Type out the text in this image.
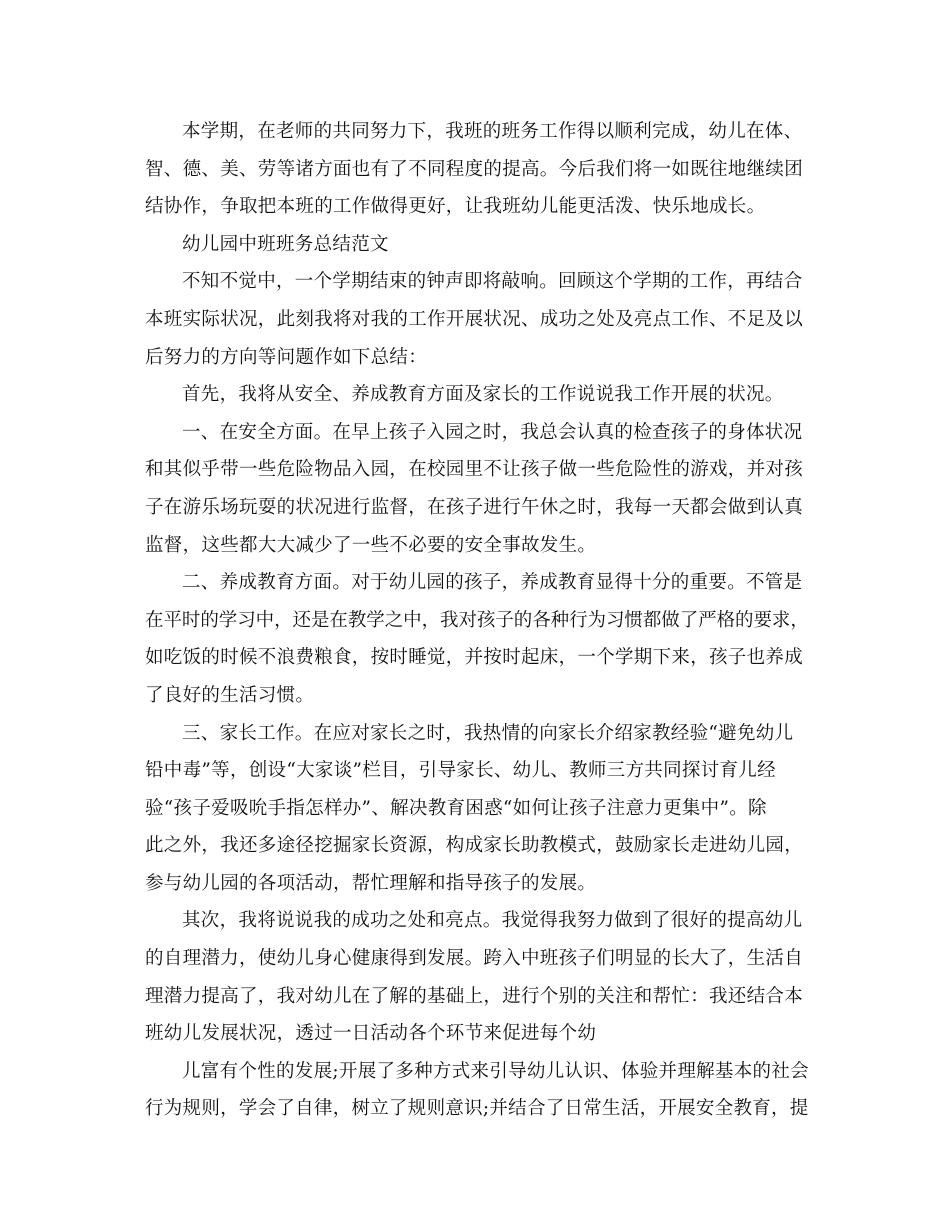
本学期，在老师的共同努力下，我班的班务工作得以顺利完成，幼儿在体、
智、德、美、劳等诸方面也有了不同程度的提高。今后我们将一如既往地继续团
结协作，争取把本班的工作做得更好，让我班幼儿能更活泼、快乐地成长。
幼儿园中班班务总结范文
不知不觉中，一个学期结束的钟声即将敲响。回顾这个学期的工作，再结合
本班实际状况，此刻我将对我的工作开展状况、成功之处及亮点工作、不足及以
后努力的方向等问题作如下总结：
首先，我将从安全、养成教育方面及家长的工作说说我工作开展的状况。
一、在安全方面。在早上孩子入园之时，我总会认真的检查孩子的身体状况
和其似乎带一些危险物品入园，在校园里不让孩子做一些危险性的游戏，并对孩
子在游乐场玩耍的状况进行监督，在孩子进行午休之时，我每一天都会做到认真
监督，这些都大大减少了一些不必要的安全事故发生。
二、养成教育方面。对于幼儿园的孩子，养成教育显得十分的重要。不管是
在平时的学习中，还是在教学之中，我对孩子的各种行为习惯都做了严格的要求，
如吃饭的时候不浪费粮食，按时睡觉，并按时起床，一个学期下来，孩子也养成
了良好的生活习惯。
三、家长工作。在应对家长之时，我热情的向家长介绍家教经验“避免幼儿
铅中毒”等，创设“大家谈”栏目，引导家长、幼儿、教师三方共同探讨育儿经
验“孩子爱吸吮手指怎样办”、解决教育困惑“如何让孩子注意力更集中”。除
此之外，我还多途径挖掘家长资源，构成家长助教模式，鼓励家长走进幼儿园，
参与幼儿园的各项活动，帮忙理解和指导孩子的发展。
其次，我将说说我的成功之处和亮点。我觉得我努力做到了很好的提高幼儿
的自理潜力，使幼儿身心健康得到发展。跨入中班孩子们明显的长大了，生活自
理潜力提高了，我对幼儿在了解的基础上，进行个别的关注和帮忙：我还结合本
班幼儿发展状况，透过一日活动各个环节来促进每个幼
儿富有个性的发展;开展了多种方式来引导幼儿认识、体验并理解基本的社会
行为规则，学会了自律，树立了规则意识;并结合了日常生活，开展安全教育，提
